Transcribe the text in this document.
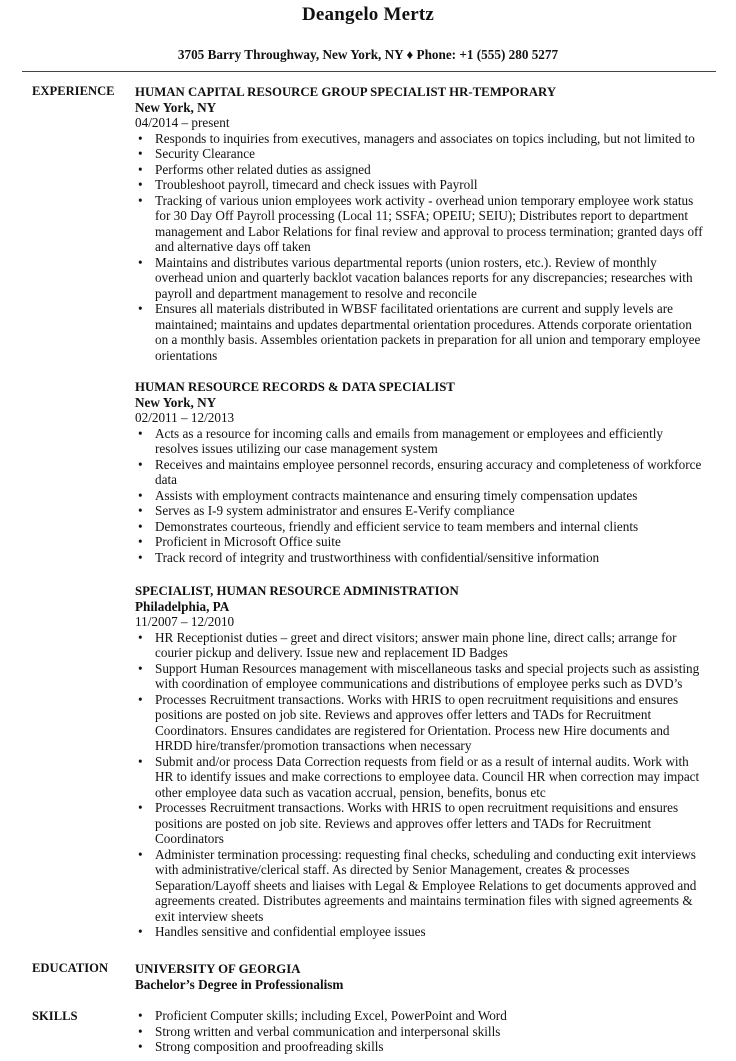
Deangelo Mertz
3705 Barry Throughway, New York, NY ♦ Phone: +1 (555) 280 5277
EXPERIENCE HUMAN CAPITAL RESOURCE GROUP SPECIALIST HR-TEMPORARY
New York, NY
04/2014 – present
• Responds to inquiries from executives, managers and associates on topics including, but not limited to
• Security Clearance
• Performs other related duties as assigned
• Troubleshoot payroll, timecard and check issues with Payroll
• Tracking of various union employees work activity - overhead union temporary employee work status for 30 Day Off Payroll processing (Local 11; SSFA; OPEIU; SEIU); Distributes report to department management and Labor Relations for final review and approval to process termination; granted days off and alternative days off taken
• Maintains and distributes various departmental reports (union rosters, etc.). Review of monthly overhead union and quarterly backlot vacation balances reports for any discrepancies; researches with payroll and department management to resolve and reconcile
• Ensures all materials distributed in WBSF facilitated orientations are current and supply levels are maintained; maintains and updates departmental orientation procedures. Attends corporate orientation on a monthly basis. Assembles orientation packets in preparation for all union and temporary employee orientations
HUMAN RESOURCE RECORDS & DATA SPECIALIST
New York, NY
02/2011 – 12/2013
• Acts as a resource for incoming calls and emails from management or employees and efficiently resolves issues utilizing our case management system
• Receives and maintains employee personnel records, ensuring accuracy and completeness of workforce data
• Assists with employment contracts maintenance and ensuring timely compensation updates
• Serves as I-9 system administrator and ensures E-Verify compliance
• Demonstrates courteous, friendly and efficient service to team members and internal clients
• Proficient in Microsoft Office suite
• Track record of integrity and trustworthiness with confidential/sensitive information
SPECIALIST, HUMAN RESOURCE ADMINISTRATION
Philadelphia, PA
11/2007 – 12/2010
• HR Receptionist duties – greet and direct visitors; answer main phone line, direct calls; arrange for courier pickup and delivery. Issue new and replacement ID Badges
• Support Human Resources management with miscellaneous tasks and special projects such as assisting with coordination of employee communications and distributions of employee perks such as DVD’s
• Processes Recruitment transactions. Works with HRIS to open recruitment requisitions and ensures positions are posted on job site. Reviews and approves offer letters and TADs for Recruitment Coordinators. Ensures candidates are registered for Orientation. Process new Hire documents and HRDD hire/transfer/promotion transactions when necessary
• Submit and/or process Data Correction requests from field or as a result of internal audits. Work with HR to identify issues and make corrections to employee data. Council HR when correction may impact other employee data such as vacation accrual, pension, benefits, bonus etc
• Processes Recruitment transactions. Works with HRIS to open recruitment requisitions and ensures positions are posted on job site. Reviews and approves offer letters and TADs for Recruitment Coordinators
• Administer termination processing: requesting final checks, scheduling and conducting exit interviews with administrative/clerical staff. As directed by Senior Management, creates & processes Separation/Layoff sheets and liaises with Legal & Employee Relations to get documents approved and agreements created. Distributes agreements and maintains termination files with signed agreements & exit interview sheets
• Handles sensitive and confidential employee issues
EDUCATION UNIVERSITY OF GEORGIA
Bachelor’s Degree in Professionalism
SKILLS
•	Proficient Computer skills; including Excel, PowerPoint and Word
• Strong written and verbal communication and interpersonal skills
• Strong composition and proofreading skills
